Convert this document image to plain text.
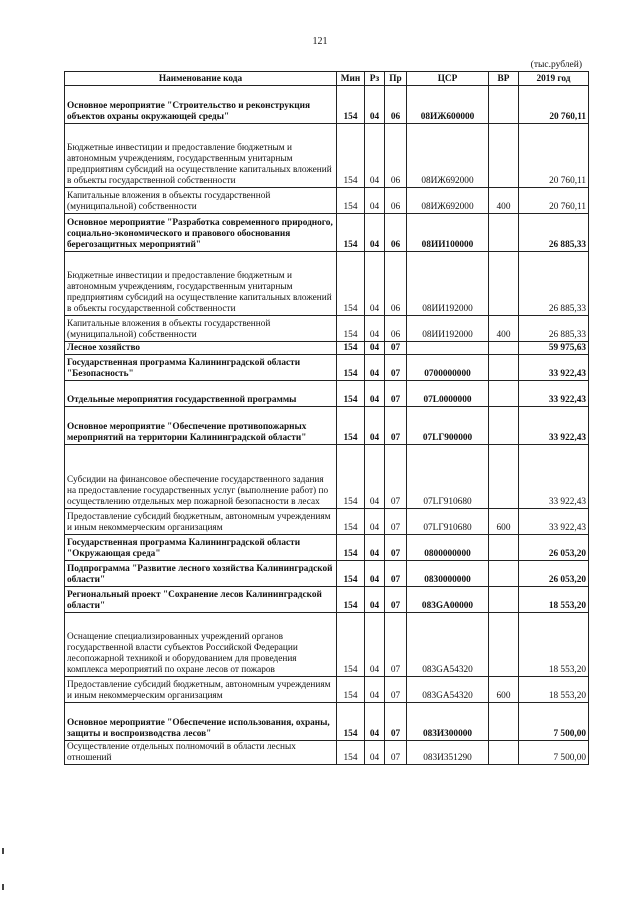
121
(тыс.рублей)
Наименование кода	Мин	Рз	Пр	ЦСР	ВР	2019 год
Основное мероприятие "Строительство и реконструкция объектов охраны окружающей среды"	154	04	06	08ИЖ600000		20 760,11
Бюджетные инвестиции и предоставление бюджетным и автономным учреждениям, государственным унитарным предприятиям субсидий на осуществление капитальных вложений в объекты государственной собственности	154	04	06	08ИЖ692000		20 760,11
Капитальные вложения в объекты государственной (муниципальной) собственности	154	04	06	08ИЖ692000	400	20 760,11
Основное мероприятие "Разработка современного природного, социально-экономического и правового обоснования берегозащитных мероприятий"	154	04	06	08ИИ100000		26 885,33
Бюджетные инвестиции и предоставление бюджетным и автономным учреждениям, государственным унитарным предприятиям субсидий на осуществление капитальных вложений в объекты государственной собственности	154	04	06	08ИИ192000		26 885,33
Капитальные вложения в объекты государственной (муниципальной) собственности	154	04	06	08ИИ192000	400	26 885,33
Лесное хозяйство	154	04	07			59 975,63
Государственная программа Калининградской области "Безопасность"	154	04	07	0700000000		33 922,43
Отдельные мероприятия государственной программы	154	04	07	07L0000000		33 922,43
Основное мероприятие "Обеспечение противопожарных мероприятий на территории Калининградской области"	154	04	07	07LГ900000		33 922,43
Субсидии на финансовое обеспечение государственного задания на предоставление государственных услуг (выполнение работ) по осуществлению отдельных мер пожарной безопасности в лесах	154	04	07	07LГ910680		33 922,43
Предоставление субсидий бюджетным, автономным учреждениям и иным некоммерческим организациям	154	04	07	07LГ910680	600	33 922,43
Государственная программа Калининградской области "Окружающая среда"	154	04	07	0800000000		26 053,20
Подпрограмма "Развитие лесного хозяйства Калининградской области"	154	04	07	0830000000		26 053,20
Региональный проект "Сохранение лесов Калининградской области"	154	04	07	083GA00000		18 553,20
Оснащение специализированных учреждений органов государственной власти субъектов Российской Федерации лесопожарной техникой и оборудованием для проведения комплекса мероприятий по охране лесов от пожаров	154	04	07	083GA54320		18 553,20
Предоставление субсидий бюджетным, автономным учреждениям и иным некоммерческим организациям	154	04	07	083GA54320	600	18 553,20
Основное мероприятие "Обеспечение использования, охраны, защиты и воспроизводства лесов"	154	04	07	083И300000		7 500,00
Осуществление отдельных полномочий в области лесных отношений	154	04	07	083И351290		7 500,00
